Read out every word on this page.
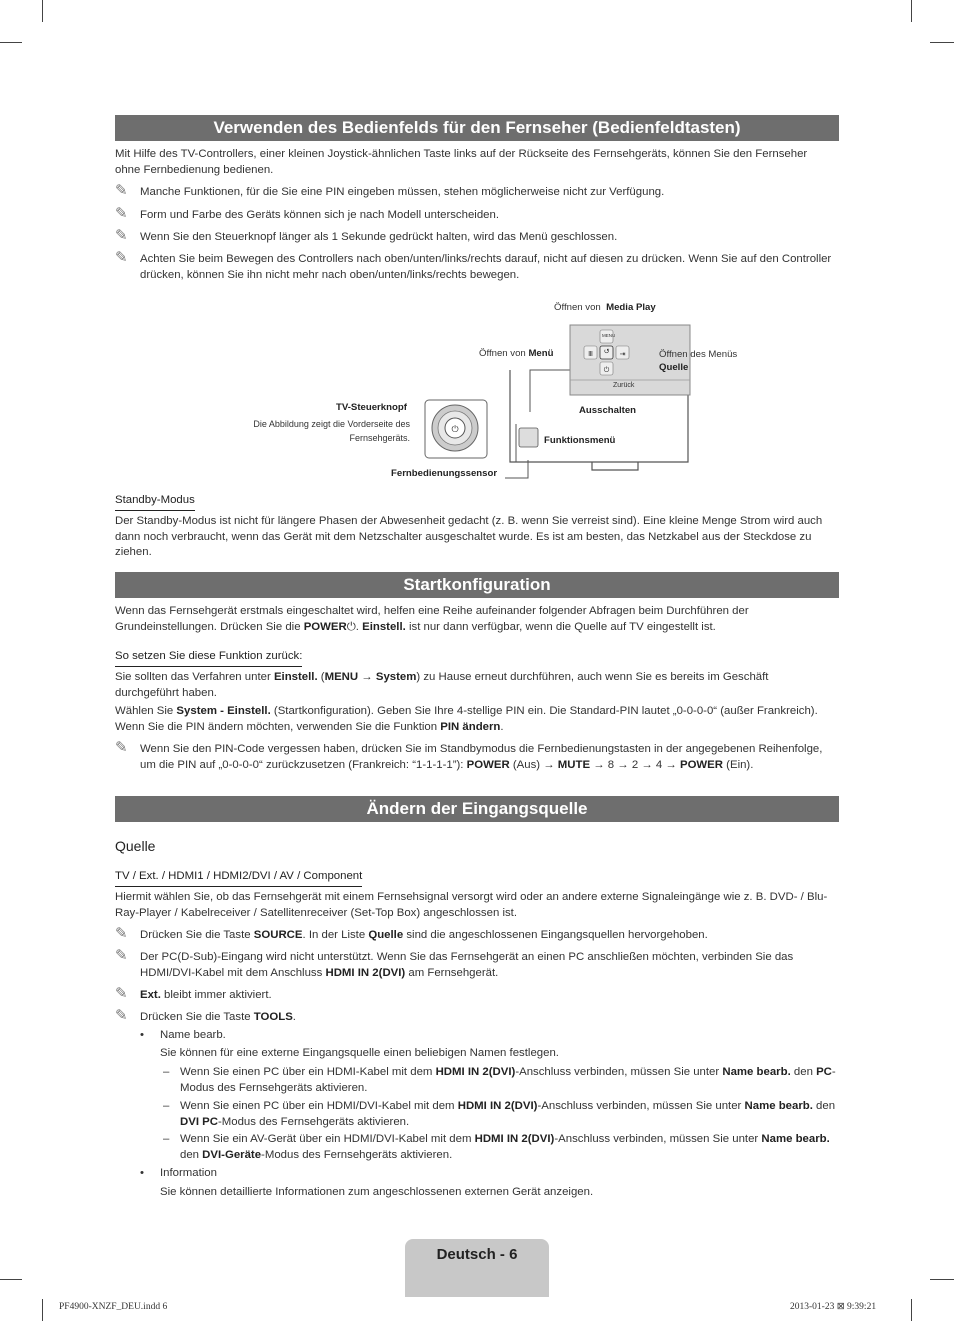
Verwenden des Bedienfelds für den Fernseher (Bedienfeldtasten)
Mit Hilfe des TV-Controllers, einer kleinen Joystick-ähnlichen Taste links auf der Rückseite des Fernsehgeräts, können Sie den Fernseher ohne Fernbedienung bedienen.
✎ Manche Funktionen, für die Sie eine PIN eingeben müssen, stehen möglicherweise nicht zur Verfügung.
✎ Form und Farbe des Geräts können sich je nach Modell unterscheiden.
✎ Wenn Sie den Steuerknopf länger als 1 Sekunde gedrückt halten, wird das Menü geschlossen.
✎ Achten Sie beim Bewegen des Controllers nach oben/unten/links/rechts darauf, nicht auf diesen zu drücken. Wenn Sie auf den Controller drücken, können Sie ihn nicht mehr nach oben/unten/links/rechts bewegen.
↺
Ⅲ	⇥
⏻
⏻
Öffnen von Media Play
MENU
Öffnen von Menü	Öffnen des Menüs
Quelle
Zurück
Ausschalten
TV-Steuerknopf
Die Abbildung zeigt die Vorderseite des Fernsehgeräts.	Funktionsmenü
Fernbedienungssensor
Standby-Modus
Der Standby-Modus ist nicht für längere Phasen der Abwesenheit gedacht (z. B. wenn Sie verreist sind). Eine kleine Menge Strom wird auch dann noch verbraucht, wenn das Gerät mit dem Netzschalter ausgeschaltet wurde. Es ist am besten, das Netzkabel aus der Steckdose zu ziehen.
Startkonfiguration
Wenn das Fernsehgerät erstmals eingeschaltet wird, helfen eine Reihe aufeinander folgender Abfragen beim Durchführen der Grundeinstellungen. Drücken Sie die POWER⏻. Einstell. ist nur dann verfügbar, wenn die Quelle auf TV eingestellt ist.
So setzen Sie diese Funktion zurück:
Sie sollten das Verfahren unter Einstell. (MENU → System) zu Hause erneut durchführen, auch wenn Sie es bereits im Geschäft durchgeführt haben.
Wählen Sie System - Einstell. (Startkonfiguration). Geben Sie Ihre 4-stellige PIN ein. Die Standard-PIN lautet „0-0-0-0“ (außer Frankreich). Wenn Sie die PIN ändern möchten, verwenden Sie die Funktion PIN ändern.
✎ Wenn Sie den PIN-Code vergessen haben, drücken Sie im Standbymodus die Fernbedienungstasten in der angegebenen Reihenfolge, um die PIN auf „0-0-0-0“ zurückzusetzen (Frankreich: “1-1-1-1”): POWER (Aus) → MUTE → 8 → 2 → 4 → POWER (Ein).
Ändern der Eingangsquelle
Quelle
TV / Ext. / HDMI1 / HDMI2/DVI / AV / Component
Hiermit wählen Sie, ob das Fernsehgerät mit einem Fernsehsignal versorgt wird oder an andere externe Signaleingänge wie z. B. DVD- / Blu-Ray-Player / Kabelreceiver / Satellitenreceiver (Set-Top Box) angeschlossen ist.
✎ Drücken Sie die Taste SOURCE. In der Liste Quelle sind die angeschlossenen Eingangsquellen hervorgehoben.
✎ Der PC(D-Sub)-Eingang wird nicht unterstützt. Wenn Sie das Fernsehgerät an einen PC anschließen möchten, verbinden Sie das HDMI/DVI-Kabel mit dem Anschluss HDMI IN 2(DVI) am Fernsehgerät.
✎ Ext. bleibt immer aktiviert.
✎ Drücken Sie die Taste TOOLS.
• Name bearb.
Sie können für eine externe Eingangsquelle einen beliebigen Namen festlegen.
– Wenn Sie einen PC über ein HDMI-Kabel mit dem HDMI IN 2(DVI)-Anschluss verbinden, müssen Sie unter Name bearb. den PC-Modus des Fernsehgeräts aktivieren.
– Wenn Sie einen PC über ein HDMI/DVI-Kabel mit dem HDMI IN 2(DVI)-Anschluss verbinden, müssen Sie unter Name bearb. den DVI PC-Modus des Fernsehgeräts aktivieren.
– Wenn Sie ein AV-Gerät über ein HDMI/DVI-Kabel mit dem HDMI IN 2(DVI)-Anschluss verbinden, müssen Sie unter Name bearb. den DVI-Geräte-Modus des Fernsehgeräts aktivieren.
• Information
Sie können detaillierte Informationen zum angeschlossenen externen Gerät anzeigen.
Deutsch - 6
PF4900-XNZF_DEU.indd 6	2013-01-23 ⊠ 9:39:21
